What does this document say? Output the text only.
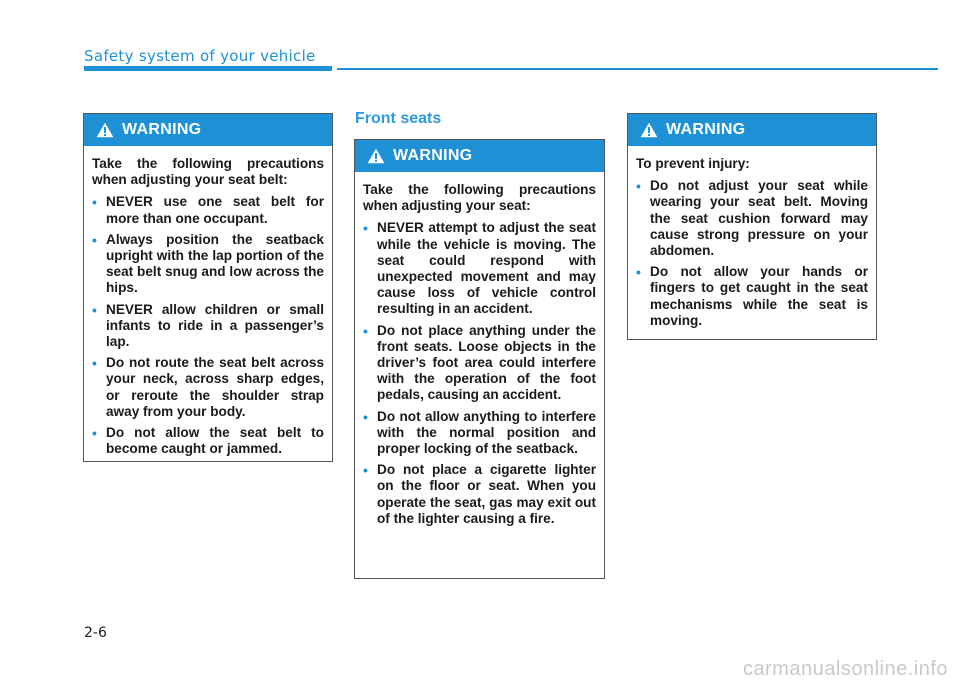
Safety system of your vehicle
Front seats
WARNING

Take the following precautions when adjusting your seat belt:

• NEVER use one seat belt for more than one occupant.
• Always position the seatback upright with the lap portion of the seat belt snug and low across the hips.
• NEVER allow children or small infants to ride in a passenger’s lap.
• Do not route the seat belt across your neck, across sharp edges, or reroute the shoulder strap away from your body.
• Do not allow the seat belt to become caught or jammed.
WARNING

Take the following precautions when adjusting your seat:

• NEVER attempt to adjust the seat while the vehicle is moving. The seat could respond with unexpected movement and may cause loss of vehicle control resulting in an accident.
• Do not place anything under the front seats. Loose objects in the driver’s foot area could interfere with the operation of the foot pedals, causing an accident.
• Do not allow anything to interfere with the normal position and proper locking of the seatback.
• Do not place a cigarette lighter on the floor or seat. When you operate the seat, gas may exit out of the lighter causing a fire.
WARNING

To prevent injury:

• Do not adjust your seat while wearing your seat belt. Moving the seat cushion forward may cause strong pressure on your abdomen.
• Do not allow your hands or fingers to get caught in the seat mechanisms while the seat is moving.
2-6
carmanualsonline.info
